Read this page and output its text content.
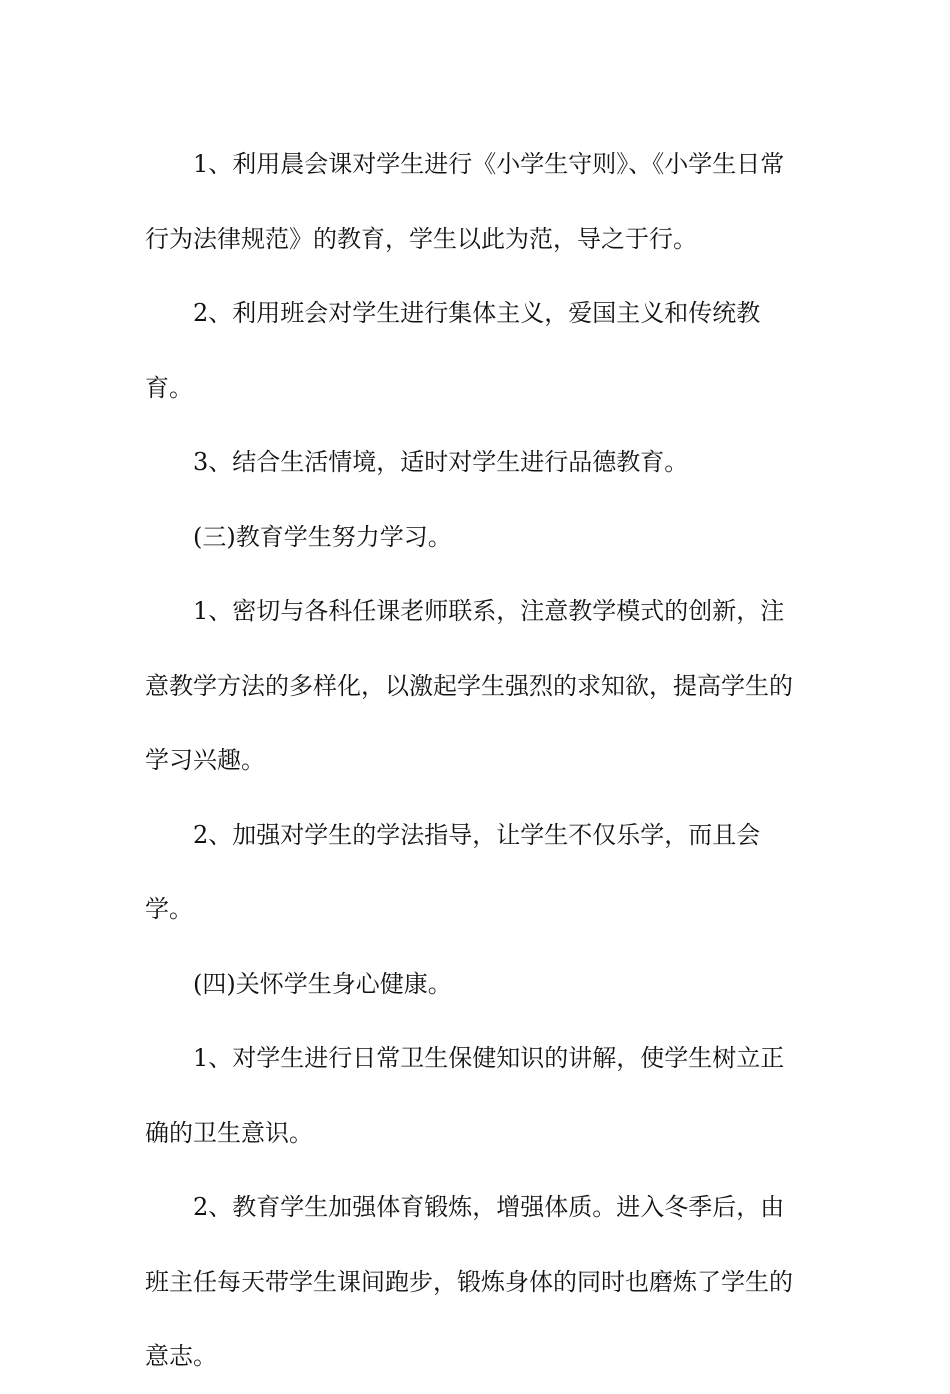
1、利用晨会课对学生进行《小学生守则》、《小学生日常行为法律规范》的教育，学生以此为范，导之于行。

2、利用班会对学生进行集体主义，爱国主义和传统教育。

3、结合生活情境，适时对学生进行品德教育。

(三)教育学生努力学习。

1、密切与各科任课老师联系，注意教学模式的创新，注意教学方法的多样化，以激起学生强烈的求知欲，提高学生的学习兴趣。

2、加强对学生的学法指导，让学生不仅乐学，而且会学。

(四)关怀学生身心健康。

1、对学生进行日常卫生保健知识的讲解，使学生树立正确的卫生意识。

2、教育学生加强体育锻炼，增强体质。进入冬季后，由班主任每天带学生课间跑步，锻炼身体的同时也磨炼了学生的意志。
